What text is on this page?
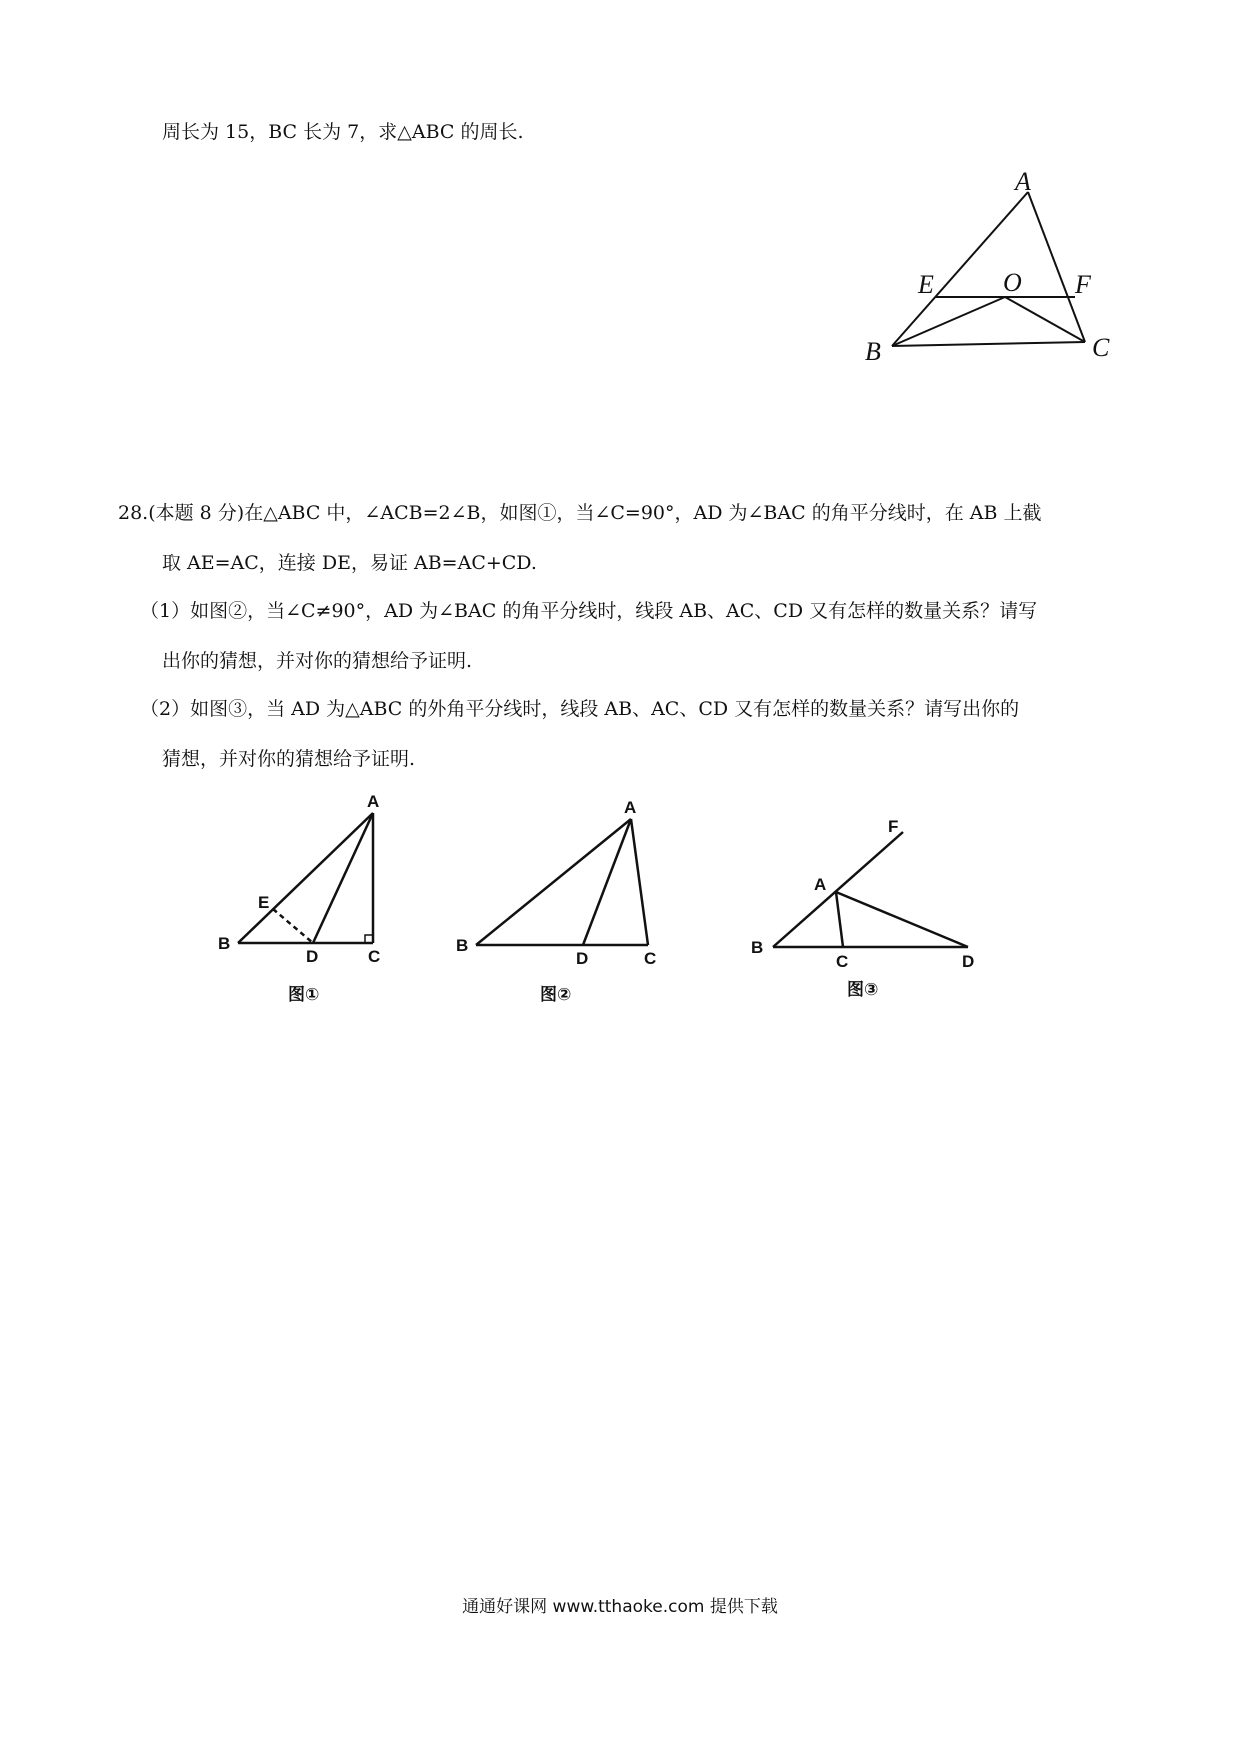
周长为 15，BC 长为 7，求△ABC 的周长.
A
E	O F
B	C
28.(本题 8 分)在△ABC 中，∠ACB=2∠B，如图①，当∠C=90°，AD 为∠BAC 的角平分线时，在 AB 上截
取 AE=AC，连接 DE，易证 AB=AC+CD.
（1）如图②，当∠C≠90°，AD 为∠BAC 的角平分线时，线段 AB、AC、CD 又有怎样的数量关系？请写
出你的猜想，并对你的猜想给予证明.
（2）如图③，当 AD 为△ABC 的外角平分线时，线段 AB、AC、CD 又有怎样的数量关系？请写出你的
猜想，并对你的猜想给予证明.
A
E
B
D	C
图①
A
B
D	C
图②
F
A
B
C	D
图③
通通好课网 www.tthaoke.com 提供下载
